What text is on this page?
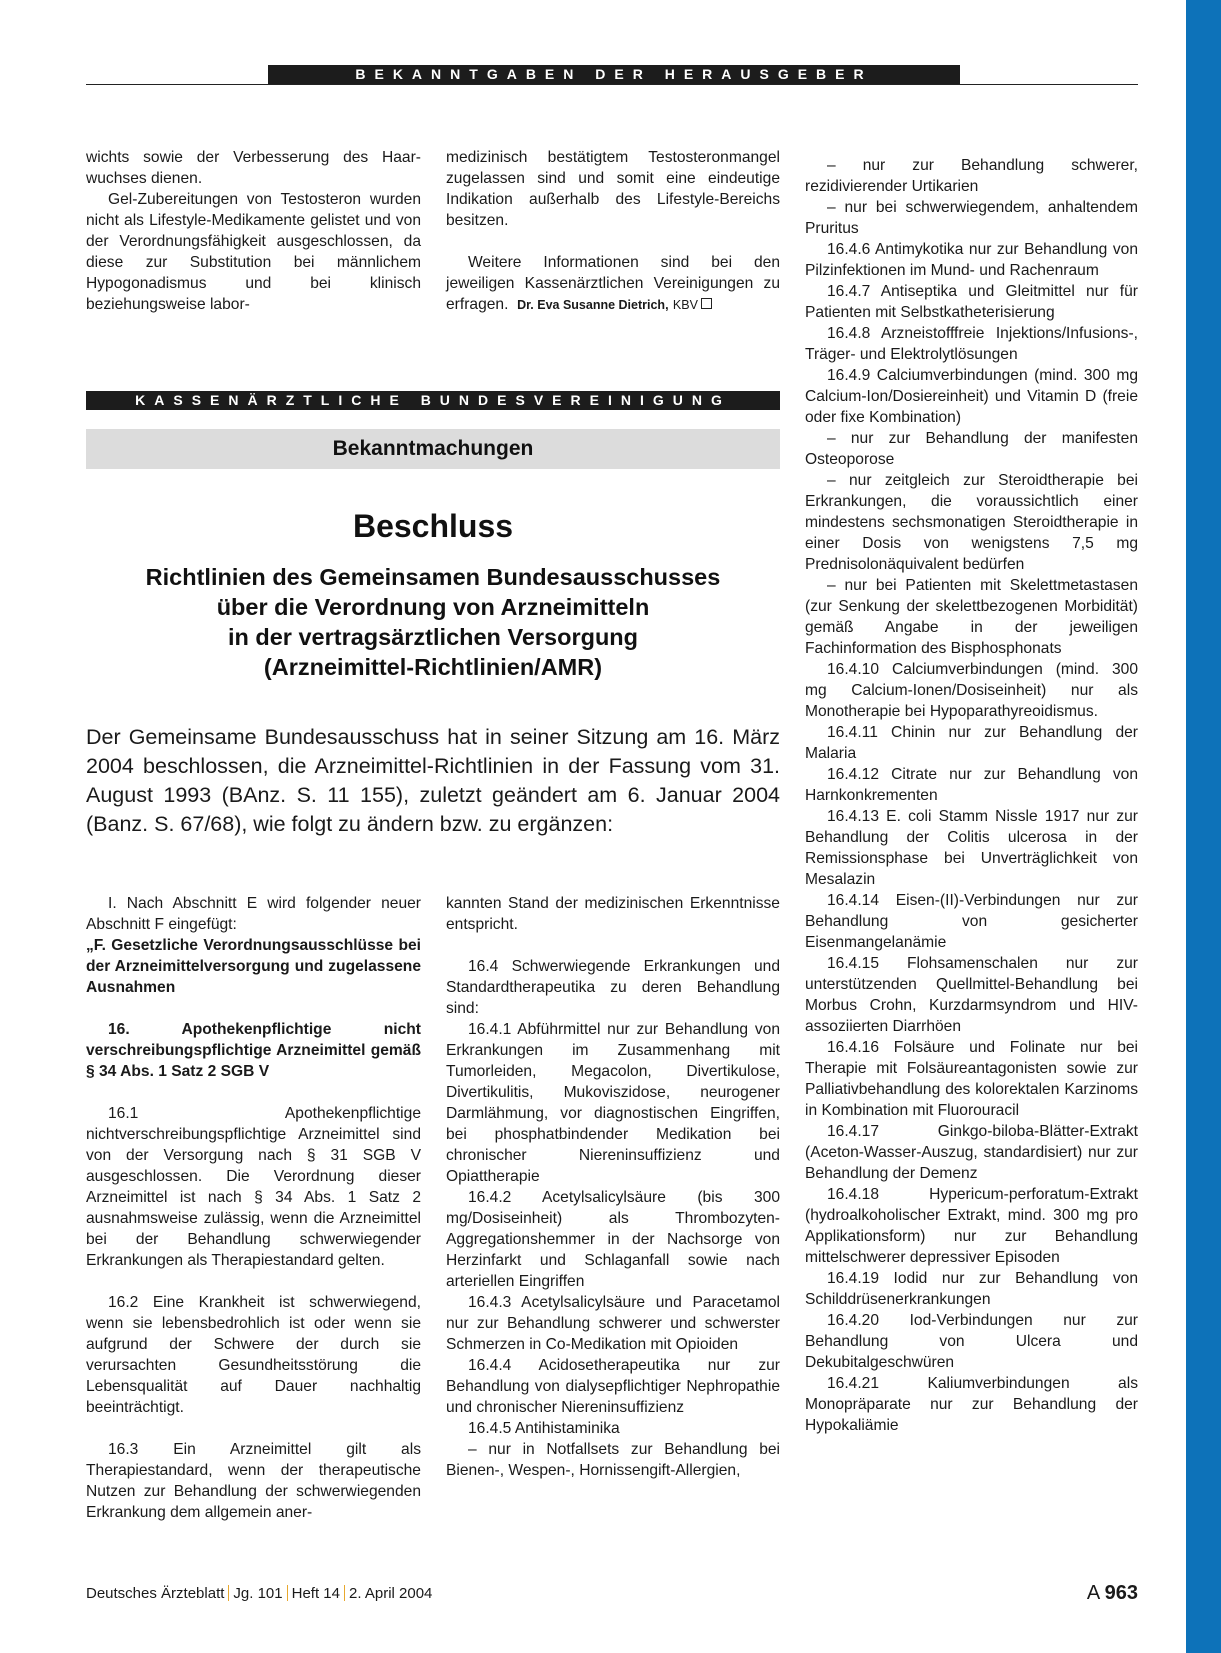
BEKANNTGABEN DER HERAUSGEBER

wichts sowie der Verbesserung des Haar-wuchses dienen.

Gel-Zubereitungen von Testosteron wurden nicht als Lifestyle-Medikamente gelistet und von der Verordnungsfähigkeit ausgeschlossen, da diese zur Substitution bei männlichem Hypogonadismus und bei klinisch beziehungsweise labor-

medizinisch bestätigtem Testosteronmangel zugelassen sind und somit eine eindeutige Indikation außerhalb des Lifestyle-Bereichs besitzen.

Weitere Informationen sind bei den jeweiligen Kassenärztlichen Vereinigungen zu erfragen. Dr. Eva Susanne Dietrich, KBV

KASSENÄRZTLICHE BUNDESVEREINIGUNG
Bekanntmachungen
Beschluss
Richtlinien des Gemeinsamen Bundesausschusses
über die Verordnung von Arzneimitteln
in der vertragsärztlichen Versorgung
(Arzneimittel-Richtlinien/AMR)

Der Gemeinsame Bundesausschuss hat in seiner Sitzung am 16. März 2004 beschlossen, die Arzneimittel-Richtlinien in der Fassung vom 31. August 1993 (BAnz. S. 11 155), zuletzt geändert am 6. Januar 2004 (Banz. S. 67/68), wie folgt zu ändern bzw. zu ergänzen:

I. Nach Abschnitt E wird folgender neuer Abschnitt F eingefügt:

„F. Gesetzliche Verordnungsausschlüsse bei der Arzneimittelversorgung und zugelassene Ausnahmen

16. Apothekenpflichtige nicht verschreibungspflichtige Arzneimittel gemäß § 34 Abs. 1 Satz 2 SGB V

16.1 Apothekenpflichtige nichtverschreibungspflichtige Arzneimittel sind von der Versorgung nach § 31 SGB V ausgeschlossen. Die Verordnung dieser Arzneimittel ist nach § 34 Abs. 1 Satz 2 ausnahmsweise zulässig, wenn die Arzneimittel bei der Behandlung schwerwiegender Erkrankungen als Therapiestandard gelten.

16.2 Eine Krankheit ist schwerwiegend, wenn sie lebensbedrohlich ist oder wenn sie aufgrund der Schwere der durch sie verursachten Gesundheitsstörung die Lebensqualität auf Dauer nachhaltig beeinträchtigt.

16.3 Ein Arzneimittel gilt als Therapiestandard, wenn der therapeutische Nutzen zur Behandlung der schwerwiegenden Erkrankung dem allgemein aner-

kannten Stand der medizinischen Erkenntnisse entspricht.

16.4 Schwerwiegende Erkrankungen und Standardtherapeutika zu deren Behandlung sind:

16.4.1 Abführmittel nur zur Behandlung von Erkrankungen im Zusammenhang mit Tumorleiden, Megacolon, Divertikulose, Divertikulitis, Mukoviszidose, neurogener Darmlähmung, vor diagnostischen Eingriffen, bei phosphatbindender Medikation bei chronischer Niereninsuffizienz und Opiattherapie

16.4.2 Acetylsalicylsäure (bis 300 mg/Dosiseinheit) als Thrombozyten-Aggregationshemmer in der Nachsorge von Herzinfarkt und Schlaganfall sowie nach arteriellen Eingriffen

16.4.3 Acetylsalicylsäure und Paracetamol nur zur Behandlung schwerer und schwerster Schmerzen in Co-Medikation mit Opioiden

16.4.4 Acidosetherapeutika nur zur Behandlung von dialysepflichtiger Nephropathie und chronischer Niereninsuffizienz

16.4.5 Antihistaminika

– nur in Notfallsets zur Behandlung bei Bienen-, Wespen-, Hornissengift-Allergien,

– nur zur Behandlung schwerer, rezidivierender Urtikarien

– nur bei schwerwiegendem, anhaltendem Pruritus

16.4.6 Antimykotika nur zur Behandlung von Pilzinfektionen im Mund- und Rachenraum

16.4.7 Antiseptika und Gleitmittel nur für Patienten mit Selbstkatheterisierung

16.4.8 Arzneistofffreie Injektions/Infusions-, Träger- und Elektrolytlösungen

16.4.9 Calciumverbindungen (mind. 300 mg Calcium-Ion/Dosiereinheit) und Vitamin D (freie oder fixe Kombination)

– nur zur Behandlung der manifesten Osteoporose

– nur zeitgleich zur Steroidtherapie bei Erkrankungen, die voraussichtlich einer mindestens sechsmonatigen Steroidtherapie in einer Dosis von wenigstens 7,5 mg Prednisolonäquivalent bedürfen

– nur bei Patienten mit Skelettmetastasen (zur Senkung der skelettbezogenen Morbidität) gemäß Angabe in der jeweiligen Fachinformation des Bisphosphonats

16.4.10 Calciumverbindungen (mind. 300 mg Calcium-Ionen/Dosiseinheit) nur als Monotherapie bei Hypoparathyreoidismus.

16.4.11 Chinin nur zur Behandlung der Malaria

16.4.12 Citrate nur zur Behandlung von Harnkonkrementen

16.4.13 E. coli Stamm Nissle 1917 nur zur Behandlung der Colitis ulcerosa in der Remissionsphase bei Unverträglichkeit von Mesalazin

16.4.14 Eisen-(II)-Verbindungen nur zur Behandlung von gesicherter Eisenmangelanämie

16.4.15 Flohsamenschalen nur zur unterstützenden Quellmittel-Behandlung bei Morbus Crohn, Kurzdarmsyndrom und HIV-assoziierten Diarrhöen

16.4.16 Folsäure und Folinate nur bei Therapie mit Folsäureantagonisten sowie zur Palliativbehandlung des kolorektalen Karzinoms in Kombination mit Fluorouracil

16.4.17 Ginkgo-biloba-Blätter-Extrakt (Aceton-Wasser-Auszug, standardisiert) nur zur Behandlung der Demenz

16.4.18 Hypericum-perforatum-Extrakt (hydroalkoholischer Extrakt, mind. 300 mg pro Applikationsform) nur zur Behandlung mittelschwerer depressiver Episoden

16.4.19 Iodid nur zur Behandlung von Schilddrüsenerkrankungen

16.4.20 Iod-Verbindungen nur zur Behandlung von Ulcera und Dekubitalgeschwüren

16.4.21 Kaliumverbindungen als Monopräparate nur zur Behandlung der Hypokaliämie

Deutsches Ärzteblatt Jg. 101 Heft 14 2. April 2004	A 963
